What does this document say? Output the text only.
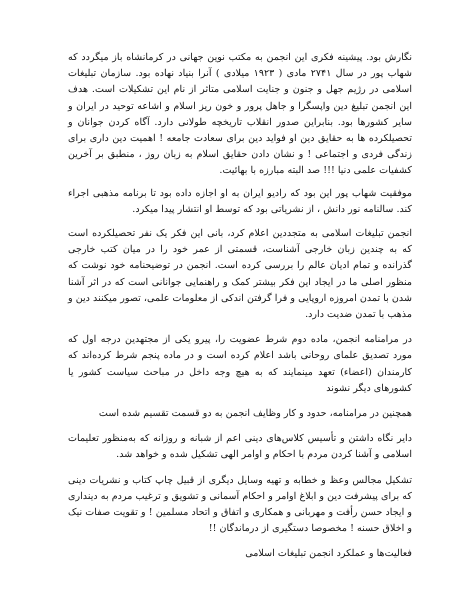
نگارش بود. پیشینه فکری این انجمن به مکتب نوین جهانی در کرمانشاه باز میگردد که شهاب پور در سال ۲۷۴۱ مادی ( ۱۹۲۳ میلادی ) آنرا بنیاد نهاده بود. سازمان تبلیغات اسلامی در رژیم جهل و جنون و جنایت اسلامی متاثر از نام این تشکیلات است. هدف این انجمن تبلیغ دین واپسگرا و جاهل پرور و خون ریز اسلام و اشاعه توحید در ایران و سایر کشورها بود. بنابراین صدور انقلاب تاریخچه طولانی دارد. آگاه کردن جوانان و تحصیلکرده ها به حقایق دین او فواید دین برای سعادت جامعه ! اهمیت دین داری برای زندگی فردی و اجتماعی ! و نشان دادن حقایق اسلام به زبان روز ، منطبق بر آخرین کشفیات علمی دنیا !!! صد البته مبارزه با بهائیت.

موفقیت شهاب پور این بود که رادیو ایران به او اجازه داده بود تا برنامه مذهبی اجراء کند. سالنامه نور دانش ، از نشریاتی بود که توسط او انتشار پیدا میکرد.

انجمن تبلیغات اسلامی به متجددین اعلام کرد، بانی این فکر یک نفر تحصیلکرده است که به چندین زبان خارجی آشناست، قسمتی از عمر خود را در میان کتب خارجی گذرانده و تمام ادیان عالم را بررسی کرده است. انجمن در توضیحنامه خود نوشت که منظور اصلی ما در ایجاد این فکر بیشتر کمک و راهنمایی جوانانی است که در اثر آشنا شدن با تمدن امروزه اروپایی و فرا گرفتن اندکی از معلومات علمی، تصور میکنند دین و مذهب با تمدن ضدیت دارد.

در مرامنامه انجمن، ماده دوم شرط عضویت را، پیرو یکی از مجتهدین درجه اول که مورد تصدیق علمای روحانی باشد اعلام کرده است و در ماده پنجم شرط کرده‌اند که کارمندان (اعضاء) تعهد مینمایند که به هیچ وجه داخل در مباحث سیاست کشور یا کشورهای دیگر نشوند

همچنین در مرامنامه، حدود و کار وظایف انجمن به دو قسمت تقسیم شده است

دایر نگاه داشتن و تأسیس کلاس‌های دینی اعم از شبانه و روزانه که به‌منظور تعلیمات اسلامی و آشنا کردن مردم با احکام و اوامر الهی تشکیل شده و خواهد شد.

تشکیل مجالس وعظ و خطابه و تهیه وسایل دیگری از قبیل چاپ کتاب و نشریات دینی که برای پیشرفت دین و ابلاغ اوامر و احکام آسمانی و تشویق و ترغیب مردم به دینداری و ایجاد حسن رأفت و مهربانی و همکاری و اتفاق و اتحاد مسلمین ! و تقویت صفات نیک و اخلاق حسنه ! مخصوصا دستگیری از درماندگان !!

فعالیت‌ها و عملکرد انجمن تبلیغات اسلامی
